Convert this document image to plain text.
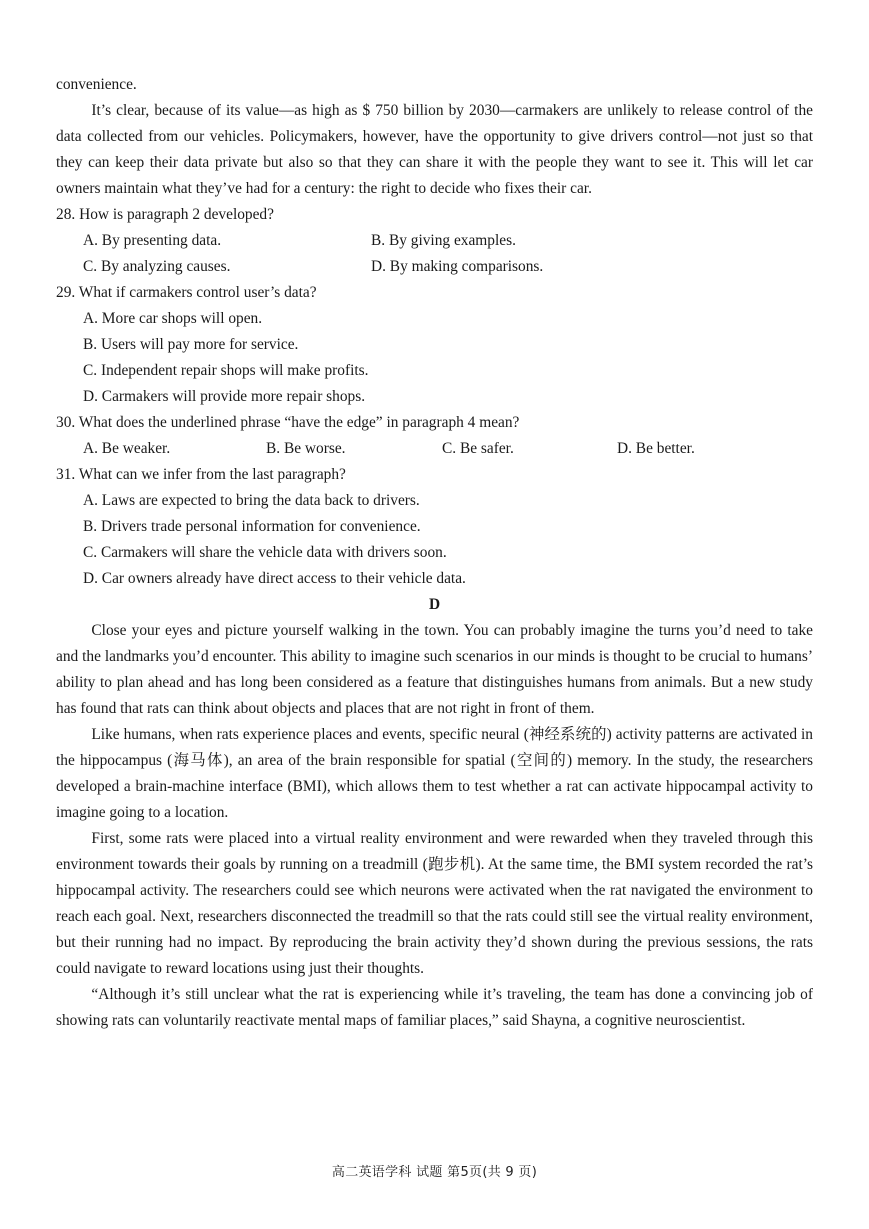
convenience.

It’s clear, because of its value—as high as $ 750 billion by 2030—carmakers are unlikely to release control of the data collected from our vehicles. Policymakers, however, have the opportunity to give drivers control—not just so that they can keep their data private but also so that they can share it with the people they want to see it. This will let car owners maintain what they’ve had for a century: the right to decide who fixes their car.

28. How is paragraph 2 developed?

A. By presenting data.	B. By giving examples.
C. By analyzing causes.	D. By making comparisons.

29. What if carmakers control user’s data?

A. More car shops will open.

B. Users will pay more for service.

C. Independent repair shops will make profits.

D. Carmakers will provide more repair shops.

30. What does the underlined phrase “have the edge” in paragraph 4 mean?

A. Be weaker.	B. Be worse.	C. Be safer.	D. Be better.

31. What can we infer from the last paragraph?

A. Laws are expected to bring the data back to drivers.

B. Drivers trade personal information for convenience.

C. Carmakers will share the vehicle data with drivers soon.

D. Car owners already have direct access to their vehicle data.

D

Close your eyes and picture yourself walking in the town. You can probably imagine the turns you’d need to take and the landmarks you’d encounter. This ability to imagine such scenarios in our minds is thought to be crucial to humans’ ability to plan ahead and has long been considered as a feature that distinguishes humans from animals. But a new study has found that rats can think about objects and places that are not right in front of them.

Like humans, when rats experience places and events, specific neural (神经系统的) activity patterns are activated in the hippocampus (海马体), an area of the brain responsible for spatial (空间的) memory. In the study, the researchers developed a brain-machine interface (BMI), which allows them to test whether a rat can activate hippocampal activity to imagine going to a location.

First, some rats were placed into a virtual reality environment and were rewarded when they traveled through this environment towards their goals by running on a treadmill (跑步机). At the same time, the BMI system recorded the rat’s hippocampal activity. The researchers could see which neurons were activated when the rat navigated the environment to reach each goal. Next, researchers disconnected the treadmill so that the rats could still see the virtual reality environment, but their running had no impact. By reproducing the brain activity they’d shown during the previous sessions, the rats could navigate to reward locations using just their thoughts.

“Although it’s still unclear what the rat is experiencing while it’s traveling, the team has done a convincing job of showing rats can voluntarily reactivate mental maps of familiar places,” said Shayna, a cognitive neuroscientist.

高二英语学科 试题 第5页(共 9 页)
